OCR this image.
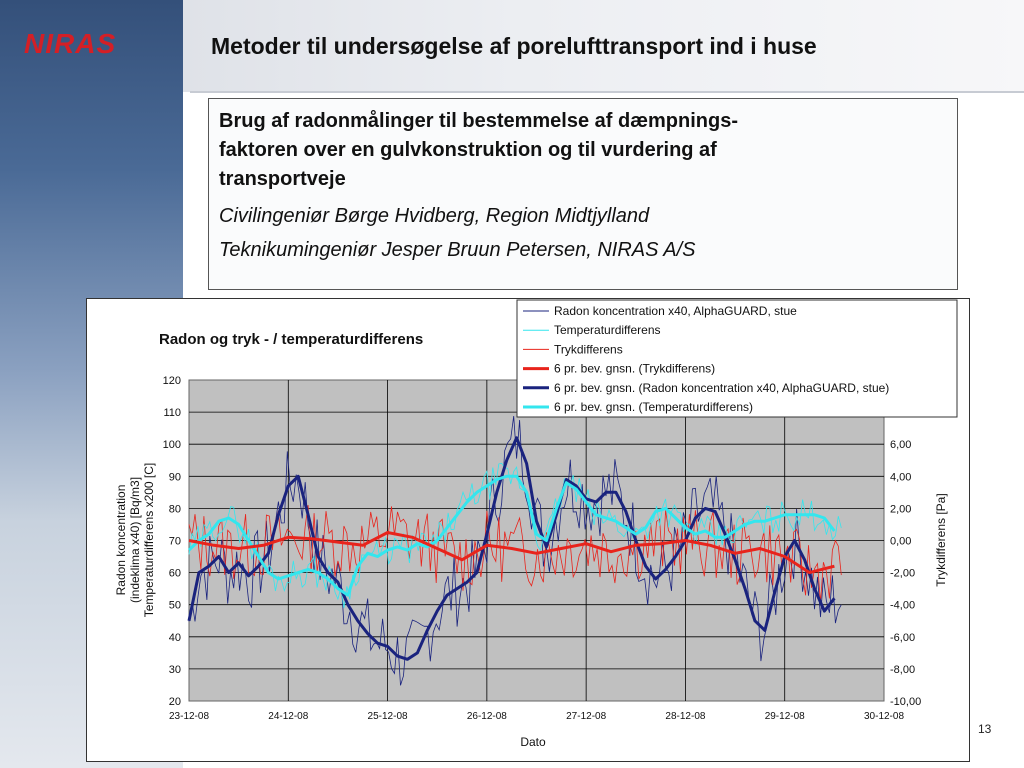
NIRAS	Metoder til undersøgelse af porelufttransport ind i huse

Brug af radonmålinger til bestemmelse af dæmpnings-

faktoren over en gulvkonstruktion og til vurdering af

transportveje

Civilingeniør Børge Hvidberg, Region Midtjylland

Teknikumingeniør Jesper Bruun Petersen, NIRAS A/S

Radon og tryk - / temperaturdifferens
20
30
40
50
60
70
80
90
100
110
120
-10,00
-8,00
-6,00
-4,00
-2,00
0,00
2,00
4,00
6,00
23-12-08	24-12-08	25-12-08	26-12-08	27-12-08	28-12-08	29-12-08	30-12-08
Radon koncentration (indeklima x40) [Bq/m3] Temperaturdifferens x200 [C]	Trykdifferens [Pa]
Dato
Radon koncentration x40, AlphaGUARD, stue
Temperaturdifferens
Trykdifferens
6 pr. bev. gnsn. (Trykdifferens)
6 pr. bev. gnsn. (Radon koncentration x40, AlphaGUARD, stue)
6 pr. bev. gnsn. (Temperaturdifferens)
13
